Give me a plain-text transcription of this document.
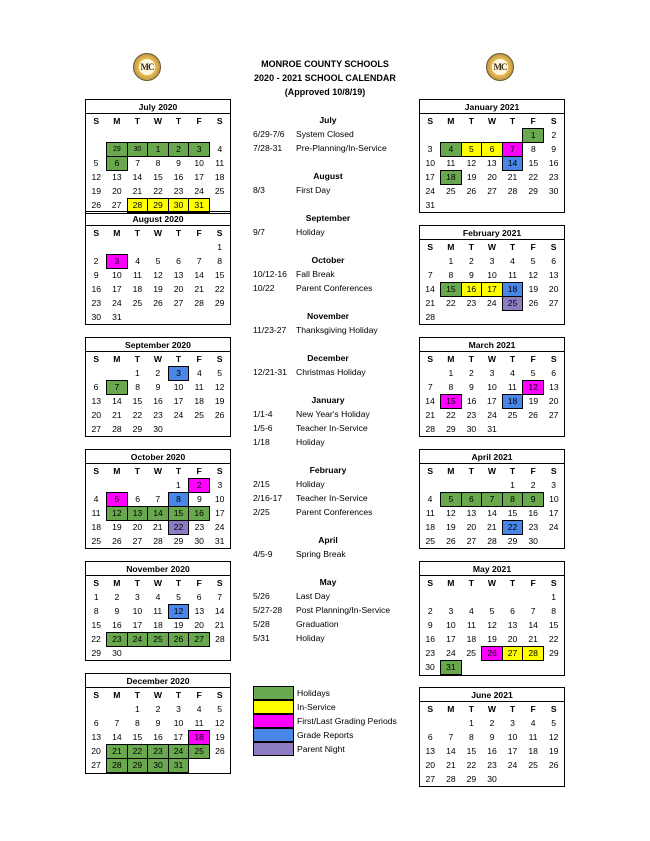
MC	MC
MONROE COUNTY SCHOOLS
2020 - 2021 SCHOOL CALENDAR
(Approved 10/8/19)
July 2020
S	M	T	W	T	F	S

	29	30	1	2	3	4
5	6	7	8	9	10	11
12	13	14	15	16	17	18
19	20	21	22	23	24	25
26	27	28	29	30	31	
August 2020
S	M	T	W	T	F	S
						1
2	3	4	5	6	7	8
9	10	11	12	13	14	15
16	17	18	19	20	21	22
23	24	25	26	27	28	29
30	31					
September 2020
S	M	T	W	T	F	S
		1	2	3	4	5
6	7	8	9	10	11	12
13	14	15	16	17	18	19
20	21	22	23	24	25	26
27	28	29	30			
October 2020
S	M	T	W	T	F	S
				1	2	3
4	5	6	7	8	9	10
11	12	13	14	15	16	17
18	19	20	21	22	23	24
25	26	27	28	29	30	31
November 2020
S	M	T	W	T	F	S
1	2	3	4	5	6	7
8	9	10	11	12	13	14
15	16	17	18	19	20	21
22	23	24	25	26	27	28
29	30					
December 2020
S	M	T	W	T	F	S
		1	2	3	4	5
6	7	8	9	10	11	12
13	14	15	16	17	18	19
20	21	22	23	24	25	26
27	28	29	30	31		
January 2021
S	M	T	W	T	F	S
					1	2
3	4	5	6	7	8	9
10	11	12	13	14	15	16
17	18	19	20	21	22	23
24	25	26	27	28	29	30
31						
February 2021
S	M	T	W	T	F	S
	1	2	3	4	5	6
7	8	9	10	11	12	13
14	15	16	17	18	19	20
21	22	23	24	25	26	27
28						
March 2021
S	M	T	W	T	F	S
	1	2	3	4	5	6
7	8	9	10	11	12	13
14	15	16	17	18	19	20
21	22	23	24	25	26	27
28	29	30	31			
April 2021
S	M	T	W	T	F	S
				1	2	3
4	5	6	7	8	9	10
11	12	13	14	15	16	17
18	19	20	21	22	23	24
25	26	27	28	29	30	
May 2021
S	M	T	W	T	F	S
						1
2	3	4	5	6	7	8
9	10	11	12	13	14	15
16	17	18	19	20	21	22
23	24	25	26	27	28	29
30	31					
June 2021
S	M	T	W	T	F	S
		1	2	3	4	5
6	7	8	9	10	11	12
13	14	15	16	17	18	19
20	21	22	23	24	25	26
27	28	29	30			
July
6/29-7/6 System Closed
7/28-31 Pre-Planning/In-Service
August
8/3	First Day
September
9/7	Holiday
October
10/12-16 Fall Break
10/22 Parent Conferences
November
11/23-27 Thanksgiving Holiday
December
12/21-31 Christmas Holiday
January
1/1-4	New Year's Holiday
1/5-6	Teacher In-Service
1/18	Holiday
February
2/15	Holiday
2/16-17 Teacher In-Service
2/25	Parent Conferences
April
4/5-9	Spring Break
May
5/26	Last Day
5/27-28 Post Planning/In-Service
5/28	Graduation
5/31	Holiday
Holidays
In-Service
First/Last Grading Periods
Grade Reports
Parent Night
